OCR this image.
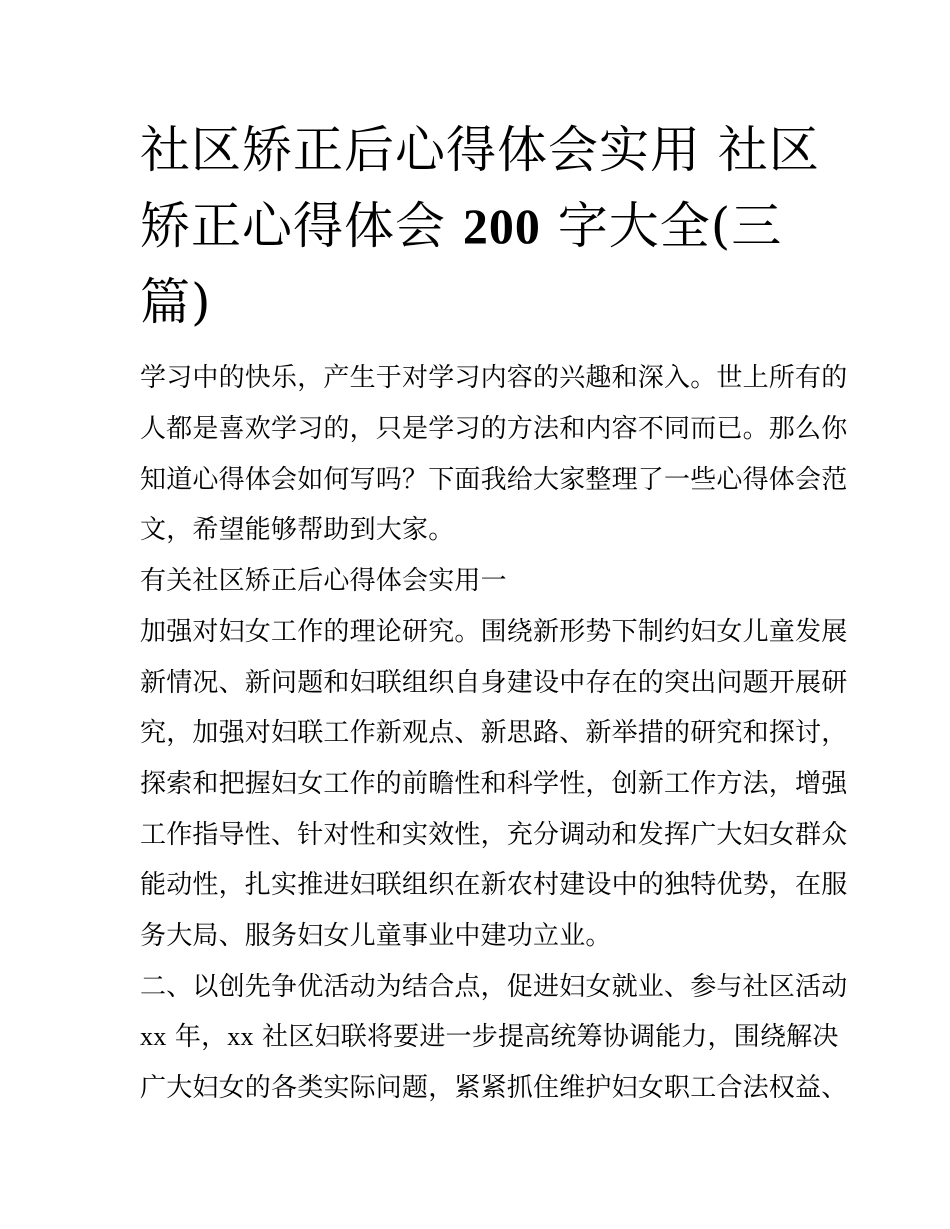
社区矫正后心得体会实用 社区
矫正心得体会 200 字大全(三
篇)
学习中的快乐，产生于对学习内容的兴趣和深入。世上所有的
人都是喜欢学习的，只是学习的方法和内容不同而已。那么你
知道心得体会如何写吗？下面我给大家整理了一些心得体会范
文，希望能够帮助到大家。
有关社区矫正后心得体会实用一
加强对妇女工作的理论研究。围绕新形势下制约妇女儿童发展
新情况、新问题和妇联组织自身建设中存在的突出问题开展研
究，加强对妇联工作新观点、新思路、新举措的研究和探讨，
探索和把握妇女工作的前瞻性和科学性，创新工作方法，增强
工作指导性、针对性和实效性，充分调动和发挥广大妇女群众
能动性，扎实推进妇联组织在新农村建设中的独特优势，在服
务大局、服务妇女儿童事业中建功立业。
二、以创先争优活动为结合点，促进妇女就业、参与社区活动
xx 年，xx 社区妇联将要进一步提高统筹协调能力，围绕解决
广大妇女的各类实际问题，紧紧抓住维护妇女职工合法权益、
